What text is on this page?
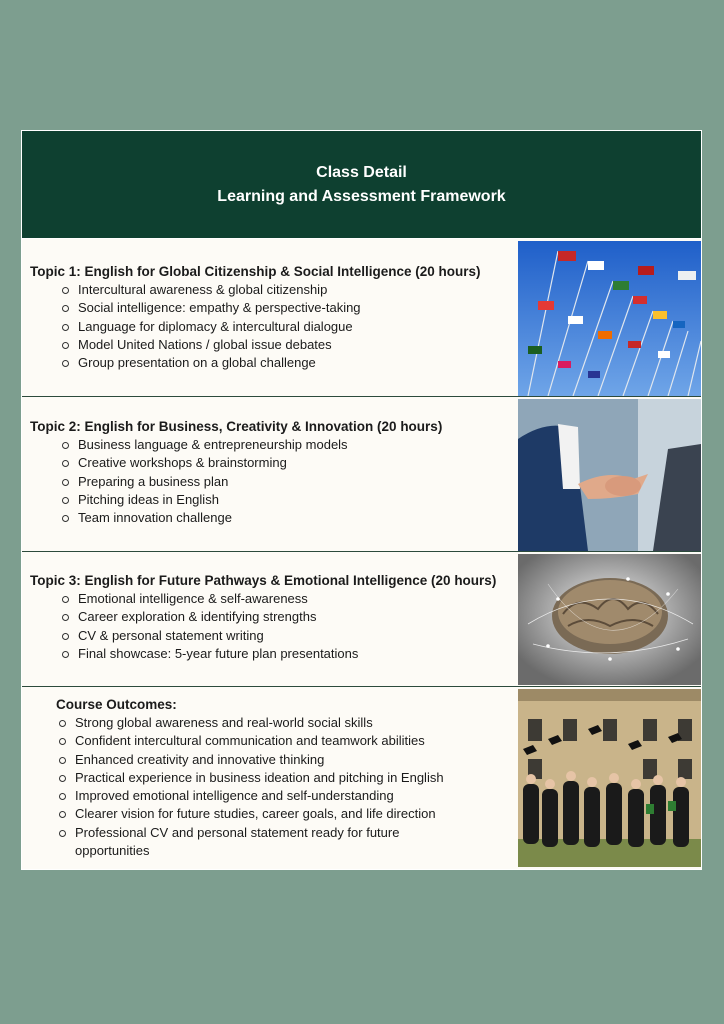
Class Detail
Learning and Assessment Framework
Topic 1: English for Global Citizenship & Social Intelligence (20 hours)
Intercultural awareness & global citizenship
Social intelligence: empathy & perspective-taking
Language for diplomacy & intercultural dialogue
Model United Nations / global issue debates
Group presentation on a global challenge
Topic 2: English for Business, Creativity & Innovation (20 hours)
Business language & entrepreneurship models
Creative workshops & brainstorming
Preparing a business plan
Pitching ideas in English
Team innovation challenge
Topic 3: English for Future Pathways & Emotional Intelligence (20 hours)
Emotional intelligence & self-awareness
Career exploration & identifying strengths
CV & personal statement writing
Final showcase: 5-year future plan presentations
Course Outcomes:
Strong global awareness and real-world social skills
Confident intercultural communication and teamwork abilities
Enhanced creativity and innovative thinking
Practical experience in business ideation and pitching in English
Improved emotional intelligence and self-understanding
Clearer vision for future studies, career goals, and life direction
Professional CV and personal statement ready for future opportunities
